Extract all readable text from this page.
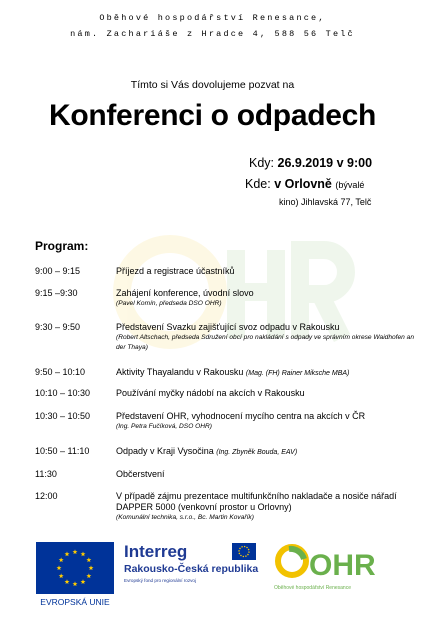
Oběhové hospodářství Renesance,
nám. Zachariáše z Hradce 4, 588 56 Telč
Tímto si Vás dovolujeme pozvat na
Konferenci o odpadech
Kdy: 26.9.2019 v 9:00
Kde: v Orlovně (bývalé
kino) Jihlavská 77, Telč
Program:
9:00 – 9:15	Příjezd a registrace účastníků
9:15 –9:30	Zahájení konference, úvodní slovo
(Pavel Komín, předseda DSO OHR)
9:30 – 9:50	Představení Svazku zajišťující svoz odpadu v Rakousku
(Robert Altschach, předseda Sdružení obcí pro nakládání s odpady ve správním okrese Waidhofen an der Thaya)
9:50 – 10:10	Aktivity Thayalandu v Rakousku (Mag. (FH) Rainer Mikschе MBA)
10:10 – 10:30	Používání myčky nádobí na akcích v Rakousku
10:30 – 10:50	Představení OHR, vyhodnocení mycího centra na akcích v ČR
(Ing. Petra Fučíková, DSO OHR)
10:50 – 11:10	Odpady v Kraji Vysočina (Ing. Zbyněk Bouda, EAV)
11:30	Občerstvení
12:00	V případě zájmu prezentace multifunkčního nakladače a nosiče nářadí DAPPER 5000 (venkovní prostor u Orlovny)
(Komunální technika, s.r.o., Bc. Martin Kovařík)
EVROPSKÁ UNIE
Interreg
Rakousko-Česká republika
Evropský fond pro regionální rozvoj	OHR
Oběhové hospodářství Renesance
